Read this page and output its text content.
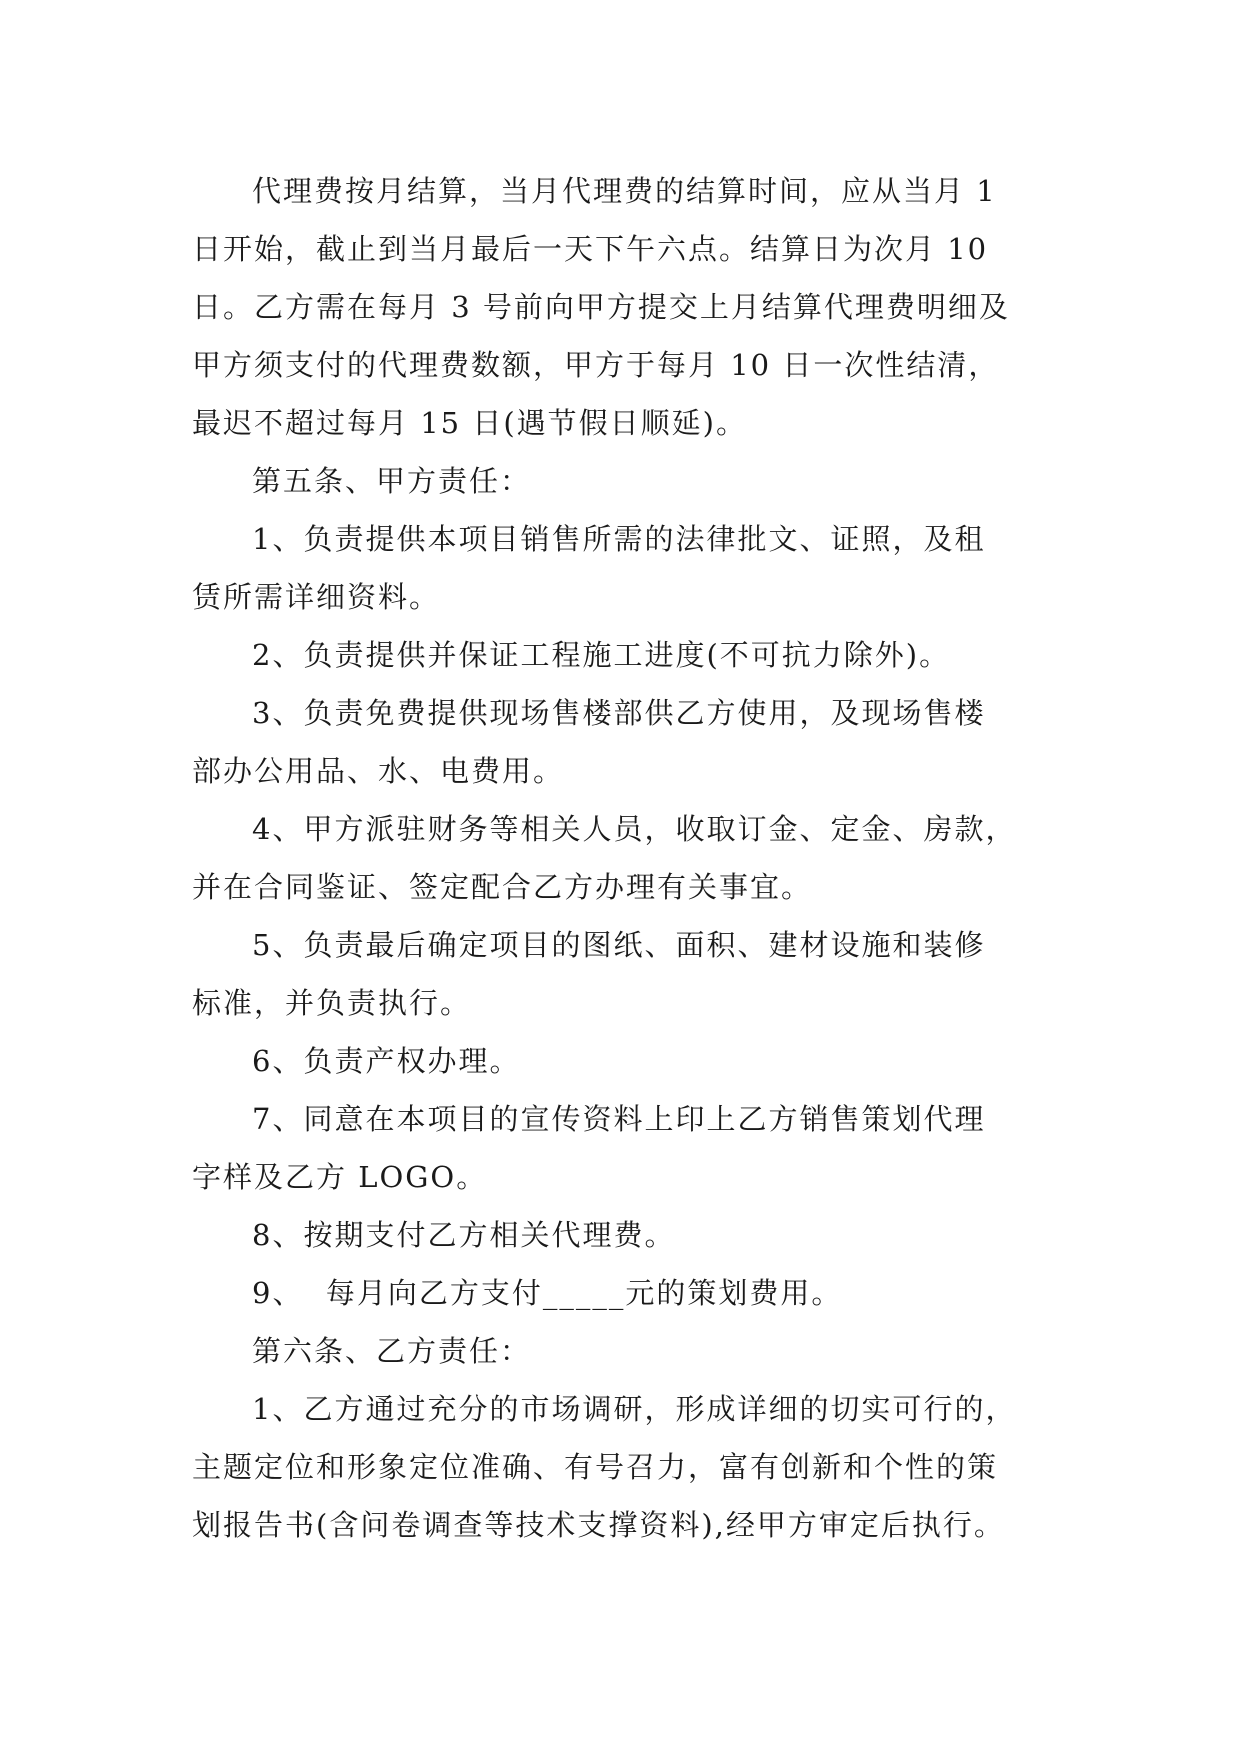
代理费按月结算，当月代理费的结算时间，应从当月 1
日开始，截止到当月最后一天下午六点。结算日为次月 10
日。乙方需在每月 3 号前向甲方提交上月结算代理费明细及
甲方须支付的代理费数额，甲方于每月 10 日一次性结清，
最迟不超过每月 15 日(遇节假日顺延)。
第五条、甲方责任：
1、负责提供本项目销售所需的法律批文、证照，及租
赁所需详细资料。
2、负责提供并保证工程施工进度(不可抗力除外)。
3、负责免费提供现场售楼部供乙方使用，及现场售楼
部办公用品、水、电费用。
4、甲方派驻财务等相关人员，收取订金、定金、房款，
并在合同鉴证、签定配合乙方办理有关事宜。
5、负责最后确定项目的图纸、面积、建材设施和装修
标准，并负责执行。
6、负责产权办理。
7、同意在本项目的宣传资料上印上乙方销售策划代理
字样及乙方 LOGO。
8、按期支付乙方相关代理费。
9、  每月向乙方支付_____元的策划费用。
第六条、乙方责任：
1、乙方通过充分的市场调研，形成详细的切实可行的，
主题定位和形象定位准确、有号召力，富有创新和个性的策
划报告书(含问卷调查等技术支撑资料),经甲方审定后执行。
